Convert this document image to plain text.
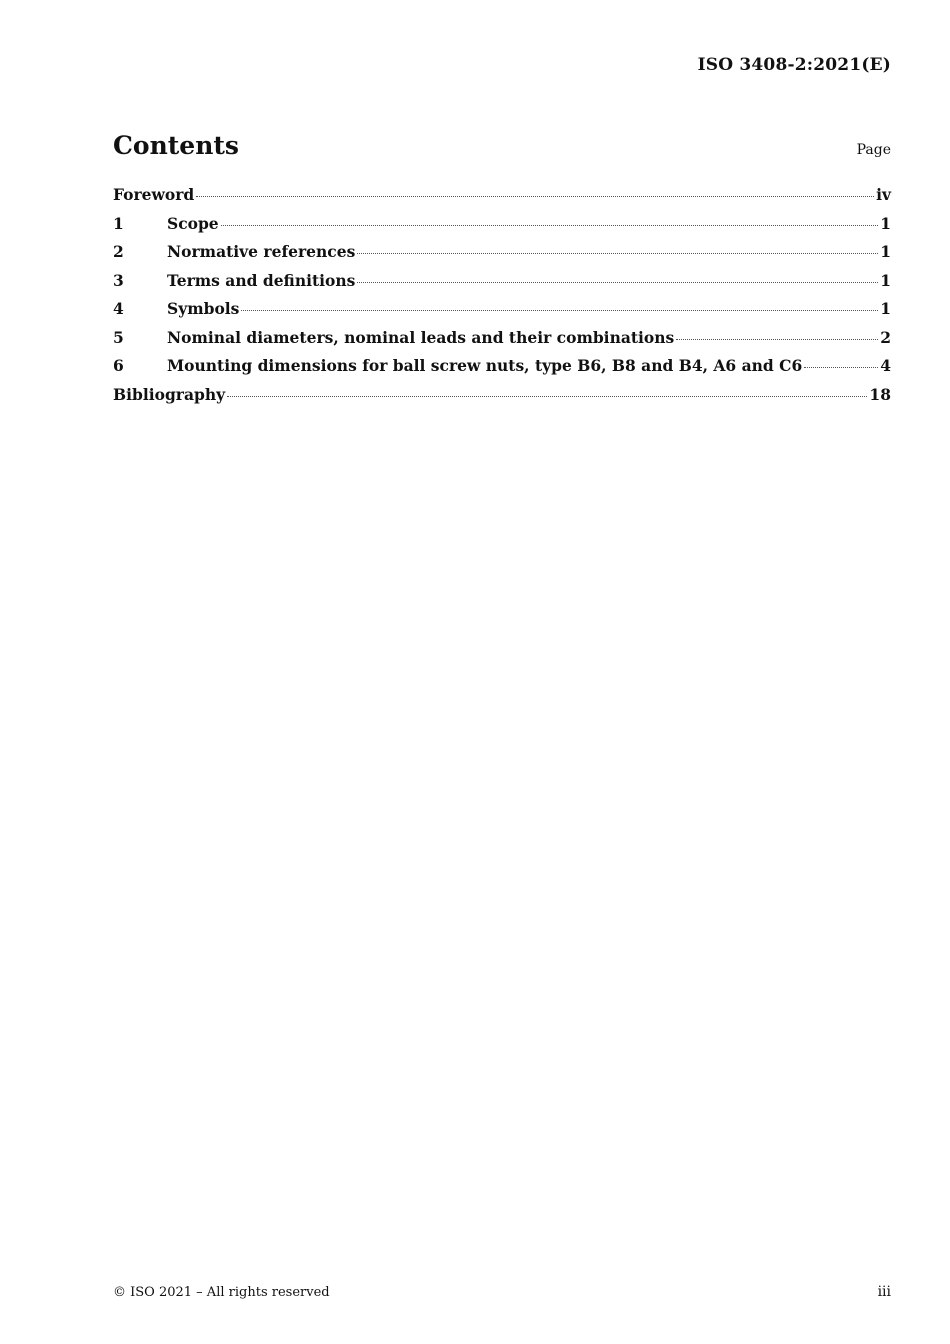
ISO 3408-2:2021(E)
Contents	Page
Foreword	iv
1	Scope	1
2	Normative references	1
3	Terms and definitions	1
4	Symbols	1
5	Nominal diameters, nominal leads and their combinations	2
6	Mounting dimensions for ball screw nuts, type B6, B8 and B4, A6 and C6	4
Bibliography	18
© ISO 2021 – All rights reserved	iii
